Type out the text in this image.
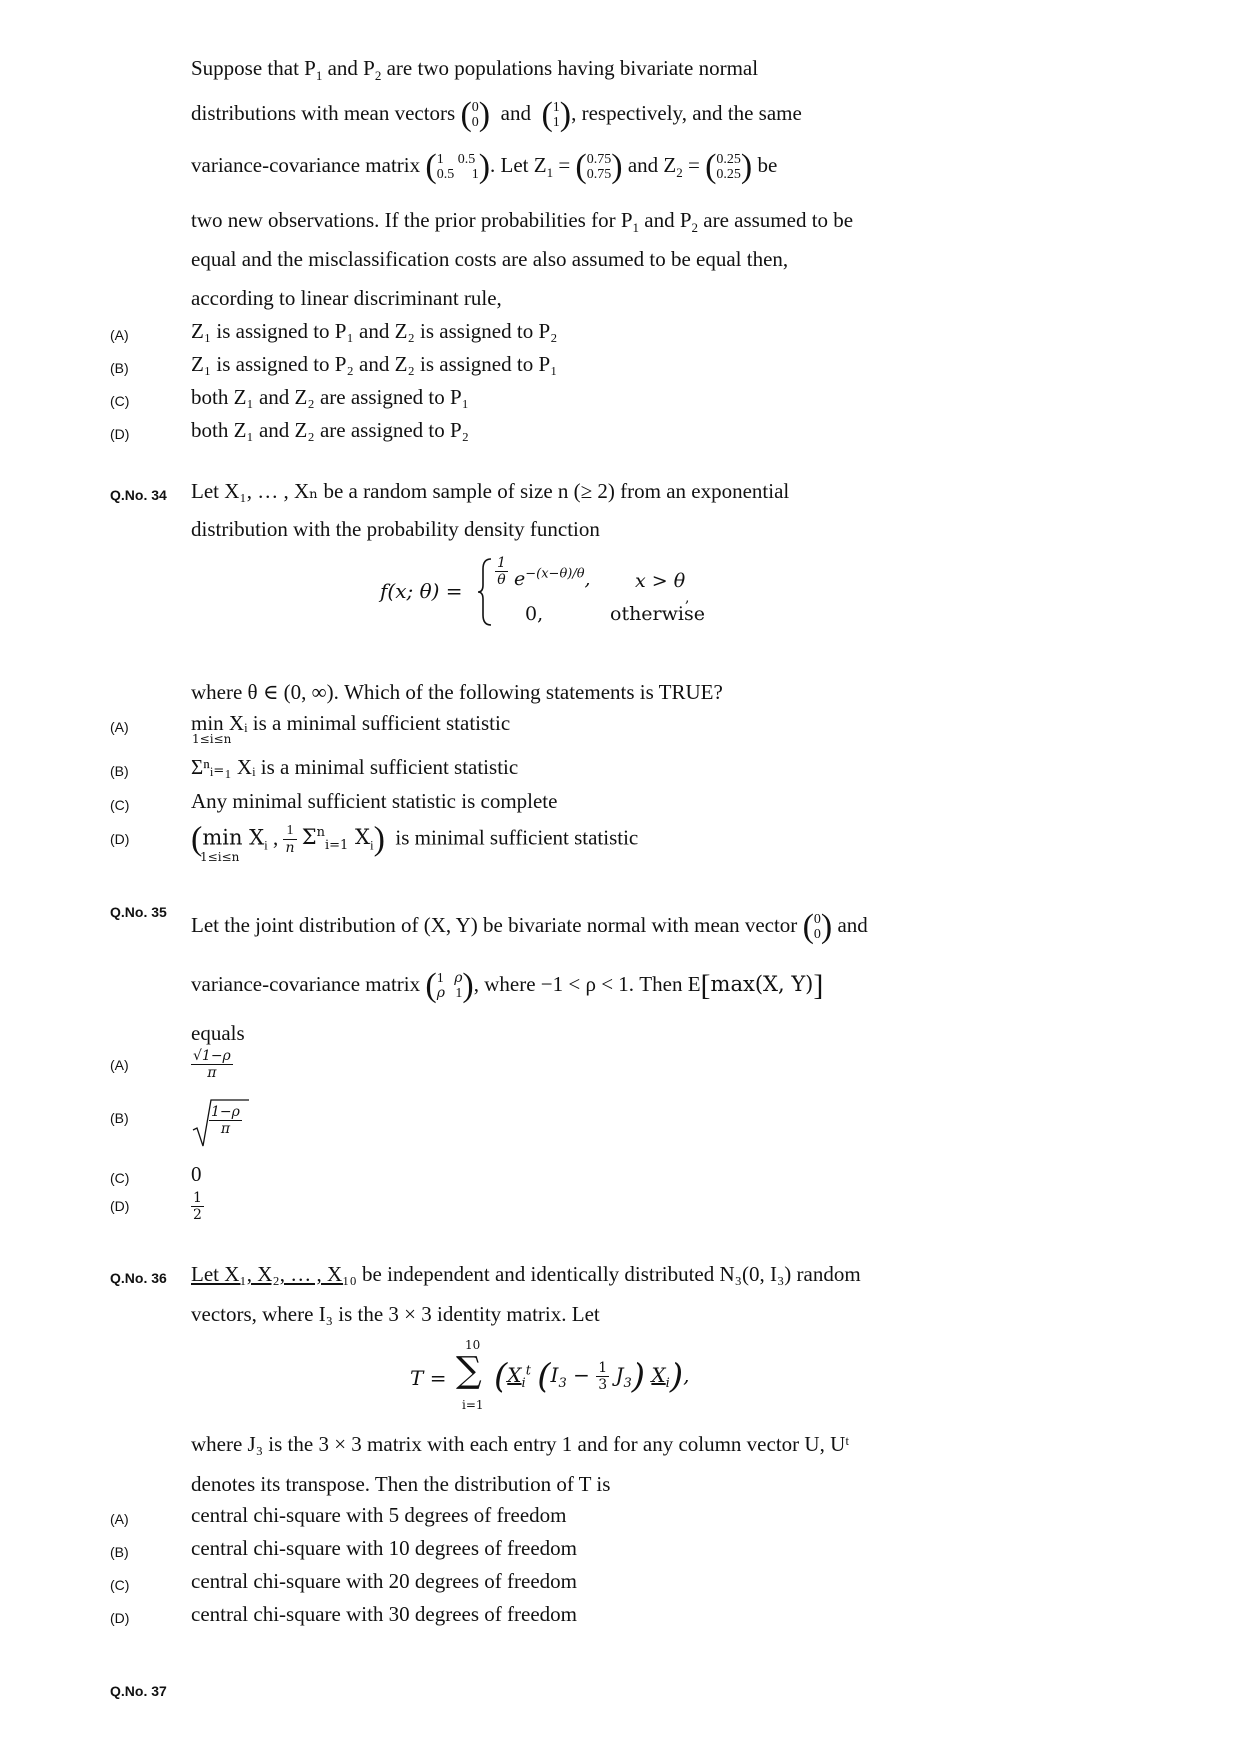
Suppose that $P_1$ and $P_2$ are two populations having bivariate normal
distributions with mean vectors (0
0) and (1
1), respectively, and the same
variance-covariance matrix (1 0.5
0.5 1). Let $Z_1 = (0.75$
0.75) and $Z_2 = (0.25$
0.25) be
two new observations. If the prior probabilities for $P_1$ and $P_2$ are assumed to be
equal and the misclassification costs are also assumed to be equal then,
according to linear discriminant rule,
(A)	Z₁ is assigned to P₁ and Z₂ is assigned to P₂
(B)	Z₁ is assigned to P₂ and Z₂ is assigned to P₁
(C)	both Z₁ and Z₂ are assigned to P₁
(D)	both Z₁ and Z₂ are assigned to P₂
Q.No. 34 Let X₁, … , Xₙ be a random sample of size n (≥ 2) from an exponential
distribution with the probability density function
f(x; θ) =
$\frac{1}{\theta} e^{-(x-\theta)/\theta}$, x > θ
,
0,	otherwise
where θ ∈ (0, ∞). Which of the following statements is TRUE?
(A)	min Xᵢ is a minimal sufficient statistic
1≤i≤n
(B)	Σⁿᵢ₌₁ Xᵢ is a minimal sufficient statistic
(C)	Any minimal sufficient statistic is complete
(D) (min $X_i$ , $\frac{1}{n} \Sigma^n_{i=1}$ $X_i$) is minimal sufficient statistic
1≤i≤n
Q.No. 35
Let the joint distribution of (X, Y) be bivariate normal with mean vector (0
0) and
variance-covariance matrix (1 ρ
ρ 1), where −1 < ρ < 1. Then E[max(X, Y)]
equals
(A)	$\frac{√1-\rho}{\pi}$
(B)	$\frac{1-\rho}{\pi}$
(C)	0
(D)	$\frac{1}{2}$
Q.No. 36 Let X₁, X₂, … , X₁₀ be independent and identically distributed N₃(0, I₃) random
vectors, where I₃ is the 3 × 3 identity matrix. Let
T =
10
∑
i=1
($X_i^t$ $(I_3 - \frac{1}{3} J_3)$ $X_i$),
where J₃ is the 3 × 3 matrix with each entry 1 and for any column vector U, Uᵗ
denotes its transpose. Then the distribution of T is
(A)	central chi-square with 5 degrees of freedom
(B)	central chi-square with 10 degrees of freedom
(C)	central chi-square with 20 degrees of freedom
(D)	central chi-square with 30 degrees of freedom
Q.No. 37
